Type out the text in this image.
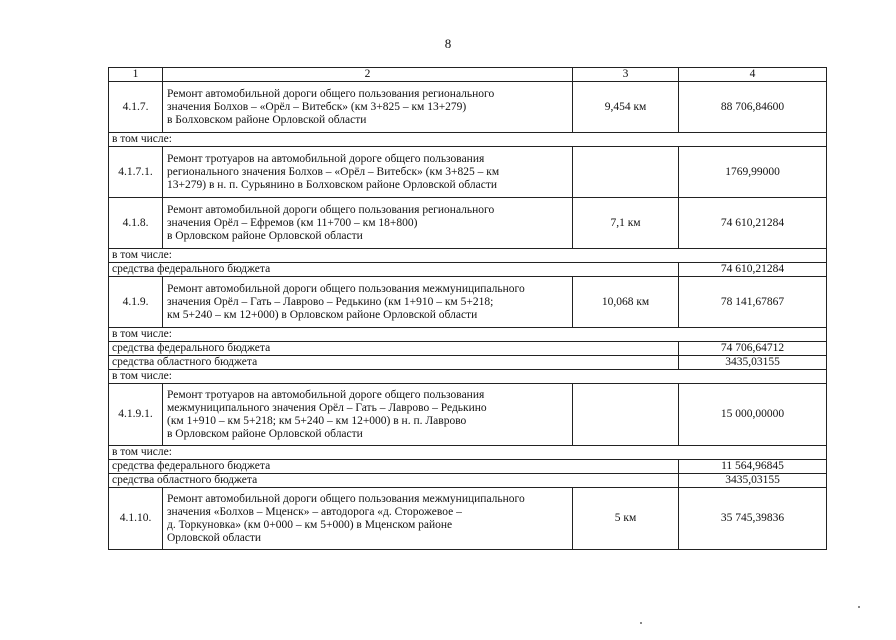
8
1	2	3	4
4.1.7.	Ремонт автомобильной дороги общего пользования регионального
значения Болхов – «Орёл – Витебск» (км 3+825 – км 13+279)
в Болховском районе Орловской области	9,454 км	88 706,84600
в том числе:			
4.1.7.1.	Ремонт тротуаров на автомобильной дороге общего пользования
регионального значения Болхов – «Орёл – Витебск» (км 3+825 – км
13+279) в н. п. Сурьянино в Болховском районе Орловской области		1769,99000
4.1.8.	Ремонт автомобильной дороги общего пользования регионального
значения Орёл – Ефремов (км 11+700 – км 18+800)
в Орловском районе Орловской области	7,1 км	74 610,21284
в том числе:			
средства федерального бюджета			74 610,21284
4.1.9.	Ремонт автомобильной дороги общего пользования межмуниципального
значения Орёл – Гать – Лаврово – Редькино (км 1+910 – км 5+218;
км 5+240 – км 12+000) в Орловском районе Орловской области	10,068 км	78 141,67867
в том числе:			
средства федерального бюджета			74 706,64712
средства областного бюджета			3435,03155
в том числе:			
4.1.9.1.	Ремонт тротуаров на автомобильной дороге общего пользования
межмуниципального значения Орёл – Гать – Лаврово – Редькино
(км 1+910 – км 5+218; км 5+240 – км 12+000) в н. п. Лаврово
в Орловском районе Орловской области		15 000,00000
в том числе:			
средства федерального бюджета			11 564,96845
средства областного бюджета			3435,03155
4.1.10.	Ремонт автомобильной дороги общего пользования межмуниципального
значения «Болхов – Мценск» – автодорога «д. Сторожевое –
д. Торкуновка» (км 0+000 – км 5+000) в Мценском районе
Орловской области	5 км	35 745,39836
